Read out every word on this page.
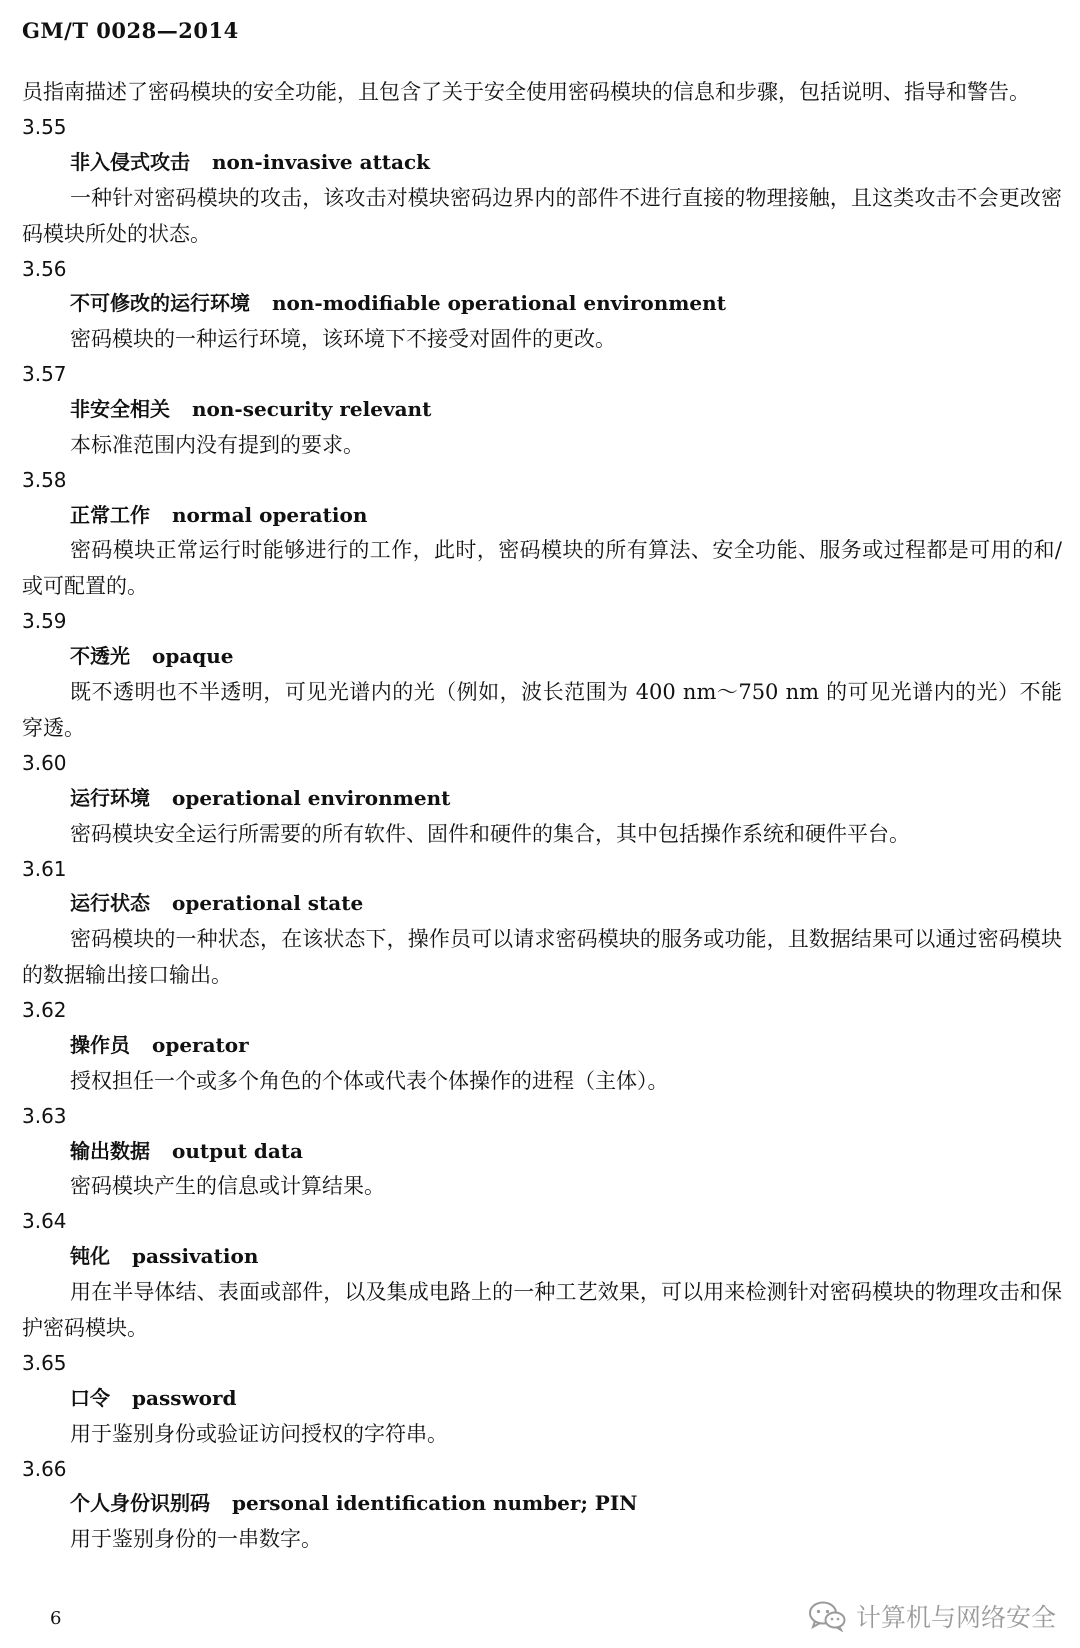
GM/T 0028—2014
员指南描述了密码模块的安全功能，且包含了关于安全使用密码模块的信息和步骤，包括说明、指导和警告。
3.55
非入侵式攻击 non-invasive attack
一种针对密码模块的攻击，该攻击对模块密码边界内的部件不进行直接的物理接触，且这类攻击不会更改密码模块所处的状态。
3.56
不可修改的运行环境 non-modifiable operational environment
密码模块的一种运行环境，该环境下不接受对固件的更改。
3.57
非安全相关 non-security relevant
本标准范围内没有提到的要求。
3.58
正常工作 normal operation
密码模块正常运行时能够进行的工作，此时，密码模块的所有算法、安全功能、服务或过程都是可用的和/或可配置的。
3.59
不透光 opaque
既不透明也不半透明，可见光谱内的光（例如，波长范围为 400 nm～750 nm 的可见光谱内的光）不能穿透。
3.60
运行环境 operational environment
密码模块安全运行所需要的所有软件、固件和硬件的集合，其中包括操作系统和硬件平台。
3.61
运行状态 operational state
密码模块的一种状态，在该状态下，操作员可以请求密码模块的服务或功能，且数据结果可以通过密码模块的数据输出接口输出。
3.62
操作员 operator
授权担任一个或多个角色的个体或代表个体操作的进程（主体）。
3.63
输出数据 output data
密码模块产生的信息或计算结果。
3.64
钝化 passivation
用在半导体结、表面或部件，以及集成电路上的一种工艺效果，可以用来检测针对密码模块的物理攻击和保护密码模块。
3.65
口令 password
用于鉴别身份或验证访问授权的字符串。
3.66
个人身份识别码 personal identification number; PIN
用于鉴别身份的一串数字。
6	计算机与网络安全
